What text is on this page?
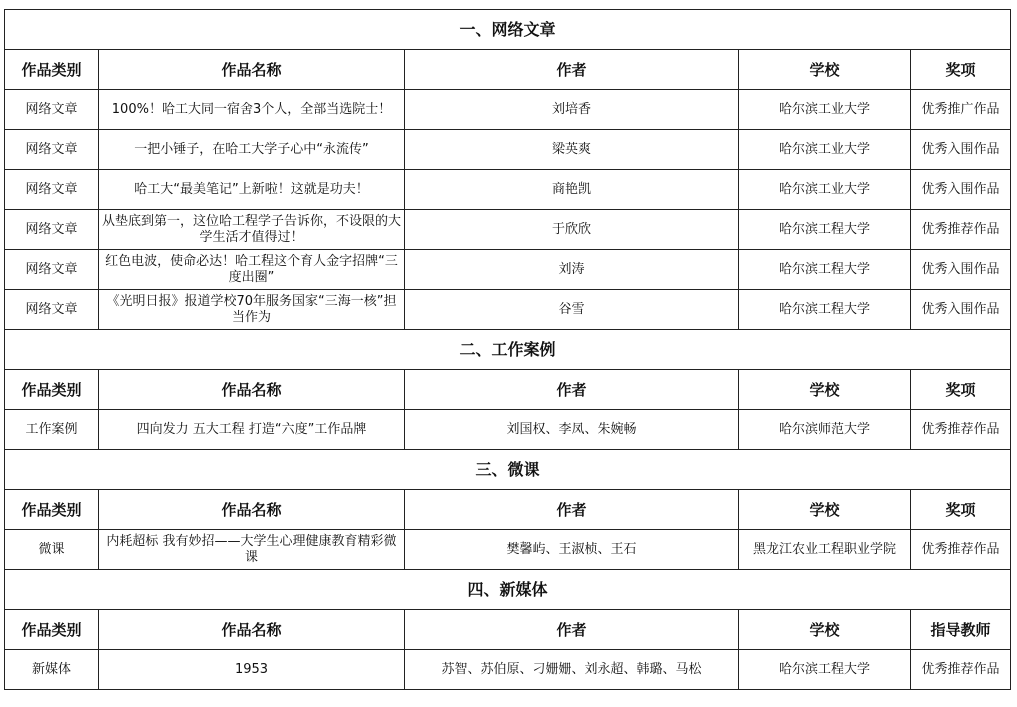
一、网络文章				
作品类别	作品名称	作者	学校	奖项
网络文章	100%！哈工大同一宿舍3个人，全部当选院士！	刘培香	哈尔滨工业大学	优秀推广作品
网络文章	一把小锤子，在哈工大学子心中“永流传”	梁英爽	哈尔滨工业大学	优秀入围作品
网络文章	哈工大“最美笔记”上新啦！这就是功夫！	商艳凯	哈尔滨工业大学	优秀入围作品
网络文章	从垫底到第一，这位哈工程学子告诉你，不设限的大学生活才值得过！	于欣欣	哈尔滨工程大学	优秀推荐作品
网络文章	红色电波，使命必达！哈工程这个育人金字招牌“三度出圈”	刘涛	哈尔滨工程大学	优秀入围作品
网络文章	《光明日报》报道学校70年服务国家“三海一核”担当作为	谷雪	哈尔滨工程大学	优秀入围作品
二、工作案例				
作品类别	作品名称	作者	学校	奖项
工作案例	四向发力 五大工程 打造“六度”工作品牌	刘国权、李凤、朱婉畅	哈尔滨师范大学	优秀推荐作品
三、微课				
作品类别	作品名称	作者	学校	奖项
微课	内耗超标 我有妙招——大学生心理健康教育精彩微课	樊馨屿、王淑桢、王石	黑龙江农业工程职业学院	优秀推荐作品
四、新媒体				
作品类别	作品名称	作者	学校	指导教师
新媒体	1953	苏智、苏伯原、刁姗姗、刘永超、韩璐、马松	哈尔滨工程大学	优秀推荐作品
